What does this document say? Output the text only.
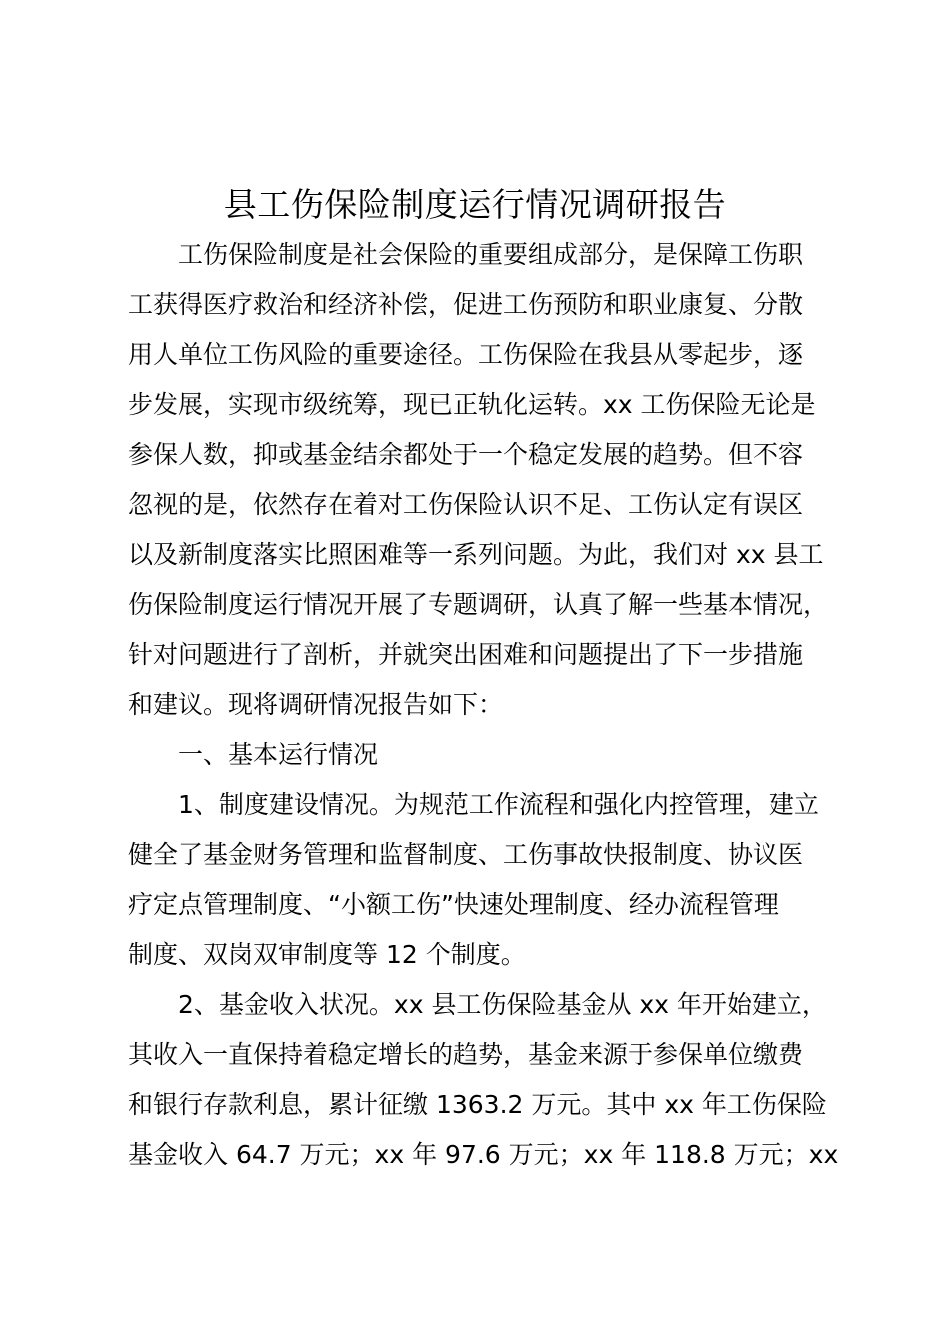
县工伤保险制度运行情况调研报告
工伤保险制度是社会保险的重要组成部分，是保障工伤职
工获得医疗救治和经济补偿，促进工伤预防和职业康复、分散
用人单位工伤风险的重要途径。工伤保险在我县从零起步，逐
步发展，实现市级统筹，现已正轨化运转。xx 工伤保险无论是
参保人数，抑或基金结余都处于一个稳定发展的趋势。但不容
忽视的是，依然存在着对工伤保险认识不足、工伤认定有误区
以及新制度落实比照困难等一系列问题。为此，我们对 xx 县工
伤保险制度运行情况开展了专题调研，认真了解一些基本情况，
针对问题进行了剖析，并就突出困难和问题提出了下一步措施
和建议。现将调研情况报告如下：
一、基本运行情况
1、制度建设情况。为规范工作流程和强化内控管理，建立
健全了基金财务管理和监督制度、工伤事故快报制度、协议医
疗定点管理制度、“小额工伤”快速处理制度、经办流程管理
制度、双岗双审制度等 12 个制度。
2、基金收入状况。xx 县工伤保险基金从 xx 年开始建立，
其收入一直保持着稳定增长的趋势，基金来源于参保单位缴费
和银行存款利息，累计征缴 1363.2 万元。其中 xx 年工伤保险
基金收入 64.7 万元；xx 年 97.6 万元；xx 年 118.8 万元；xx
